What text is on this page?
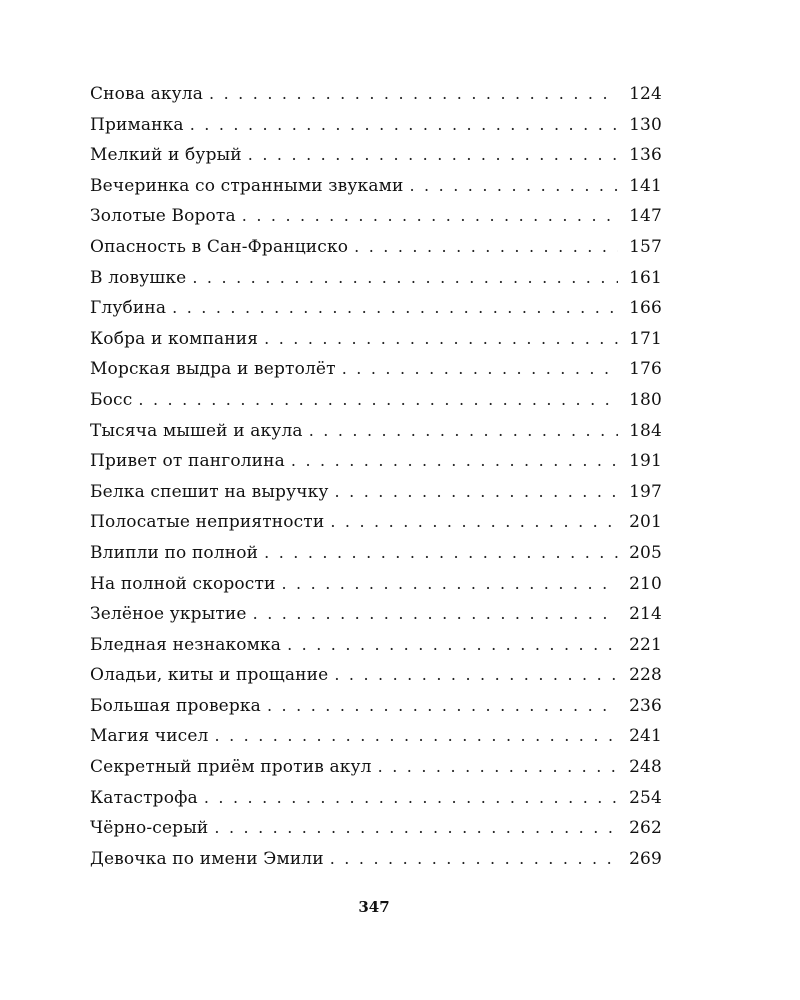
Снова акула . . .	124
Приманка . . .	130
Мелкий и бурый . . .	136
Вечеринка со странными звуками . . .	141
Золотые Ворота . . .	147
Опасность в Сан-Франциско . . .	157
В ловушке . . .	161
Глубина . . .	166
Кобра и компания . . .	171
Морская выдра и вертолёт . . .	176
Босс . . .	180
Тысяча мышей и акула . . .	184
Привет от панголина . . .	191
Белка спешит на выручку . . .	197
Полосатые неприятности . . .	201
Влипли по полной . . .	205
На полной скорости . . .	210
Зелёное укрытие . . .	214
Бледная незнакомка . . .	221
Оладьи, киты и прощание . . .	228
Большая проверка . . .	236
Магия чисел . . .	241
Секретный приём против акул . . .	248
Катастрофа . . .	254
Чёрно-серый . . .	262
Девочка по имени Эмили . . .	269
347
